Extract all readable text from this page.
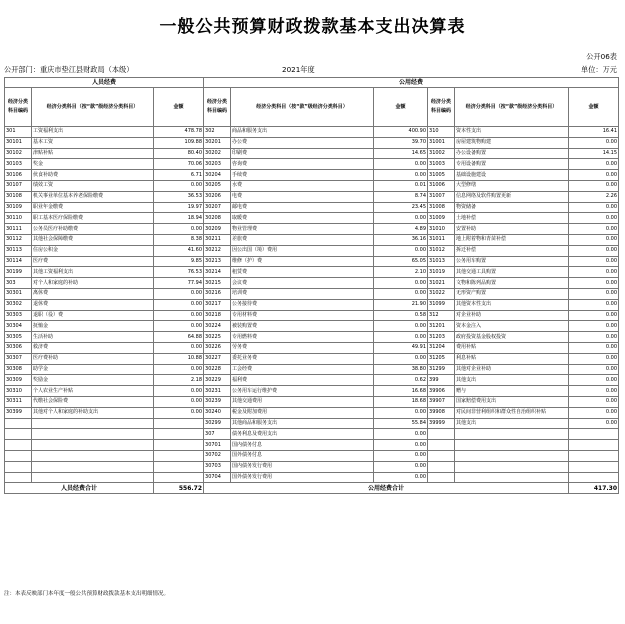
一般公共预算财政拨款基本支出决算表
公开06表
公开部门：重庆市垫江县财政局（本级）	2021年度	单位：万元
人员经费			公用经费					
经济分类科目编码	经济分类科目（按“款”级经济分类科目）	金额	经济分类科目编码	经济分类科目（按“款”级经济分类科目）	金额	经济分类科目编码	经济分类科目（按“款”级经济分类科目）	金额
301	工资福利支出	478.78	302	商品和服务支出	400.90	310	资本性支出	16.41
30101	基本工资	109.88	30201	办公费	39.70	31001	房屋建筑物购建	0.00
30102	津贴补贴	80.40	30202	印刷费	14.65	31002	办公设备购置	14.15
30103	奖金	70.06	30203	咨询费	0.00	31003	专用设备购置	0.00
30106	伙食补助费	6.71	30204	手续费	0.00	31005	基础设施建设	0.00
30107	绩效工资	0.00	30205	水费	0.01	31006	大型修缮	0.00
30108	机关事业单位基本养老保险缴费	36.53	30206	电费	8.74	31007	信息网络及软件购置更新	2.26
30109	职业年金缴费	19.97	30207	邮电费	23.45	31008	物资储备	0.00
30110	职工基本医疗保险缴费	18.94	30208	取暖费	0.00	31009	土地补偿	0.00
30111	公务员医疗补助缴费	0.00	30209	物业管理费	4.89	31010	安置补助	0.00
30112	其他社会保障缴费	8.38	30211	差旅费	36.16	31011	地上附着物和青苗补偿	0.00
30113	住房公积金	41.60	30212	因公出国（境）费用	0.00	31012	拆迁补偿	0.00
30114	医疗费	9.85	30213	维修（护）费	65.05	31013	公务用车购置	0.00
30199	其他工资福利支出	76.53	30214	租赁费	2.10	31019	其他交通工具购置	0.00
303	对个人和家庭的补助	77.94	30215	会议费	0.00	31021	文物和陈列品购置	0.00
30301	离休费	0.00	30216	培训费	0.00	31022	无形资产购置	0.00
30302	退休费	0.00	30217	公务接待费	21.90	31099	其他资本性支出	0.00
30303	退职（役）费	0.00	30218	专用材料费	0.58	312	对企业补助	0.00
30304	抚恤金	0.00	30224	被装购置费	0.00	31201	资本金注入	0.00
30305	生活补助	64.88	30225	专用燃料费	0.00	31203	政府投资基金股权投资	0.00
30306	救济费	0.00	30226	劳务费	49.91	31204	费用补贴	0.00
30307	医疗费补助	10.88	30227	委托业务费	0.00	31205	利息补贴	0.00
30308	助学金	0.00	30228	工会经费	38.80	31299	其他对企业补助	0.00
30309	奖励金	2.18	30229	福利费	0.62	399	其他支出	0.00
30310	个人农业生产补贴	0.00	30231	公务用车运行维护费	16.68	39906	赠与	0.00
30311	代缴社会保险费	0.00	30239	其他交通费用	18.68	39907	国家赔偿费用支出	0.00
30399	其他对个人和家庭的补助支出	0.00	30240	税金及附加费用	0.00	39908	对民间非营利组织和群众性自治组织补贴	0.00
			30299	其他商品和服务支出	55.84	39999	其他支出	0.00
			307	债务利息及费用支出	0.00			
			30701	国内债务付息	0.00			
			30702	国外债务付息	0.00			
			30703	国内债务发行费用	0.00			
			30704	国外债务发行费用	0.00			
人员经费合计		556.72	公用经费合计					417.30
注：本表反映部门本年度一般公共预算财政拨款基本支出明细情况。
